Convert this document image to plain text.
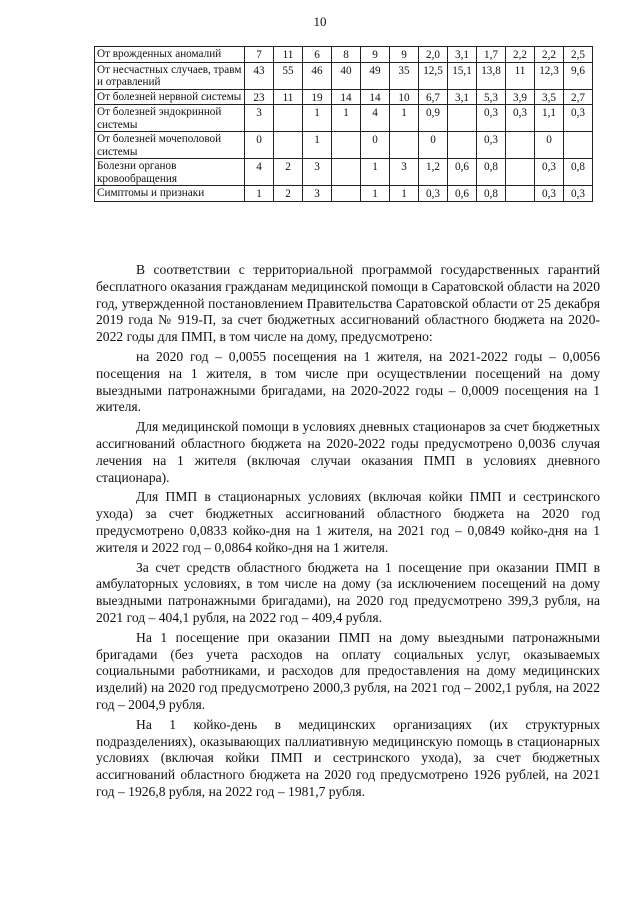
10
От врожденных аномалий	7	11	6	8	9	9	2,0	3,1	1,7	2,2	2,2	2,5
От несчастных случаев, травм и отравлений	43	55	46	40	49	35	12,5	15,1	13,8	11	12,3	9,6
От болезней нервной системы	23	11	19	14	14	10	6,7	3,1	5,3	3,9	3,5	2,7
От болезней эндокринной системы	3		1	1	4	1	0,9		0,3	0,3	1,1	0,3
От болезней мочеполовой системы	0		1		0		0		0,3		0	
Болезни органов кровообращения	4	2	3		1	3	1,2	0,6	0,8		0,3	0,8
Симптомы и признаки	1	2	3		1	1	0,3	0,6	0,8		0,3	0,3

В соответствии с территориальной программой государственных гарантий бесплатного оказания гражданам медицинской помощи в Саратовской области на 2020 год, утвержденной постановлением Правительства Саратовской области от 25 декабря 2019 года № 919-П, за счет бюджетных ассигнований областного бюджета на 2020-2022 годы для ПМП, в том числе на дому, предусмотрено:

на 2020 год – 0,0055 посещения на 1 жителя, на 2021-2022 годы – 0,0056 посещения на 1 жителя, в том числе при осуществлении посещений на дому выездными патронажными бригадами, на 2020-2022 годы – 0,0009 посещения на 1 жителя.

Для медицинской помощи в условиях дневных стационаров за счет бюджетных ассигнований областного бюджета на 2020-2022 годы предусмотрено 0,0036 случая лечения на 1 жителя (включая случаи оказания ПМП в условиях дневного стационара).

Для ПМП в стационарных условиях (включая койки ПМП и сестринского ухода) за счет бюджетных ассигнований областного бюджета на 2020 год предусмотрено 0,0833 койко-дня на 1 жителя, на 2021 год – 0,0849 койко-дня на 1 жителя и 2022 год – 0,0864 койко-дня на 1 жителя.

За счет средств областного бюджета на 1 посещение при оказании ПМП в амбулаторных условиях, в том числе на дому (за исключением посещений на дому выездными патронажными бригадами), на 2020 год предусмотрено 399,3 рубля, на 2021 год – 404,1 рубля, на 2022 год – 409,4 рубля.

На 1 посещение при оказании ПМП на дому выездными патронажными бригадами (без учета расходов на оплату социальных услуг, оказываемых социальными работниками, и расходов для предоставления на дому медицинских изделий) на 2020 год предусмотрено 2000,3 рубля, на 2021 год – 2002,1 рубля, на 2022 год – 2004,9 рубля.

На 1 койко-день в медицинских организациях (их структурных подразделениях), оказывающих паллиативную медицинскую помощь в стационарных условиях (включая койки ПМП и сестринского ухода), за счет бюджетных ассигнований областного бюджета на 2020 год предусмотрено 1926 рублей, на 2021 год – 1926,8 рубля, на 2022 год – 1981,7 рубля.
